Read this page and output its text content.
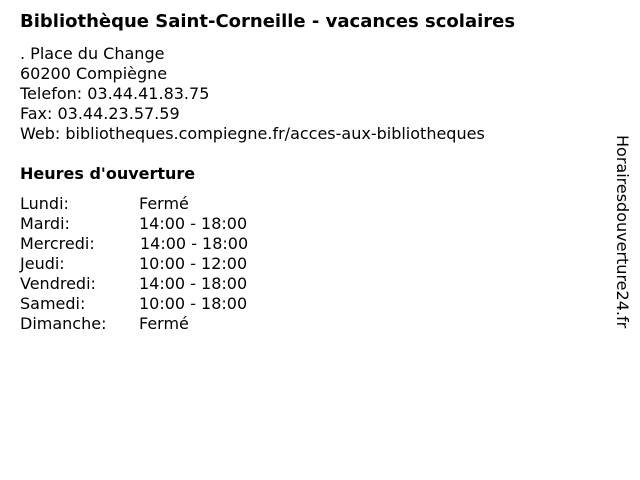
Bibliothèque Saint-Corneille - vacances scolaires
. Place du Change
60200 Compiègne
Telefon: 03.44.41.83.75
Fax: 03.44.23.57.59
Web: bibliotheques.compiegne.fr/acces-aux-bibliotheques
Heures d'ouverture
Lundi:	Fermé
Mardi:	14:00 - 18:00
Mercredi:	14:00 - 18:00
Jeudi:	10:00 - 12:00
Vendredi:	14:00 - 18:00
Samedi:	10:00 - 18:00
Dimanche: Fermé	Horairesdouverture24.fr
